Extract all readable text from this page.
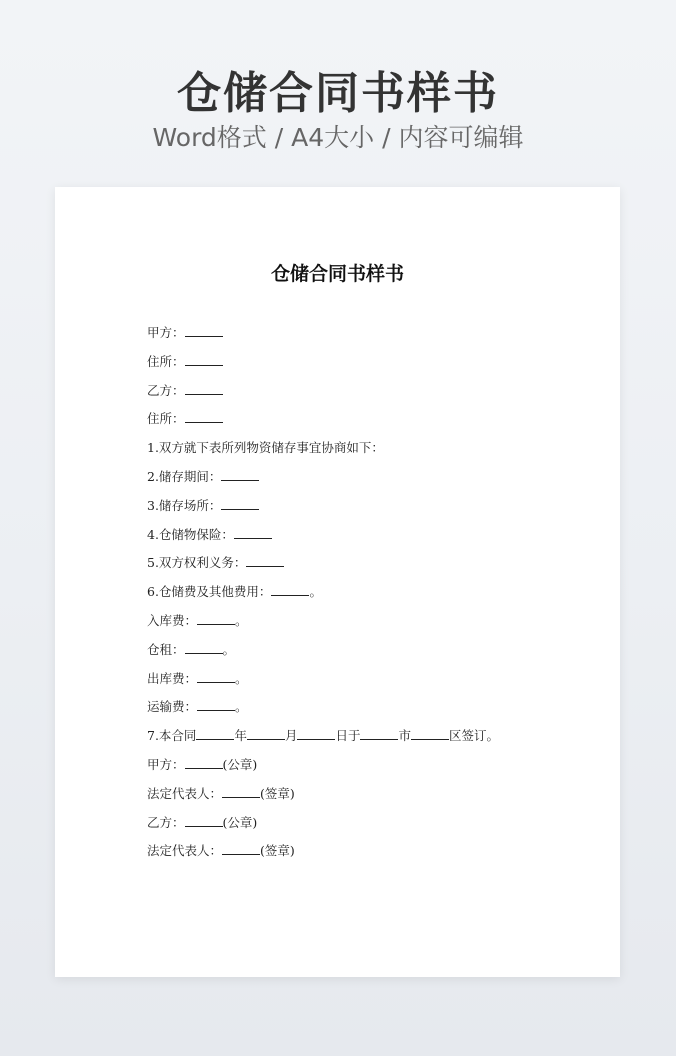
仓储合同书样书
Word格式 / A4大小 / 内容可编辑
仓储合同书样书
甲方：
住所：
乙方：
住所：
1.双方就下表所列物资储存事宜协商如下：
2.储存期间：
3.储存场所：
4.仓储物保险：
5.双方权利义务：
6.仓储费及其他费用：	。
入库费：	。
仓租：	。
出库费：	。
运输费：	。
7.本合同	年	月	日于	市	区签订。
甲方：	(公章)
法定代表人：	(签章)
乙方：	(公章)
法定代表人：	(签章)
